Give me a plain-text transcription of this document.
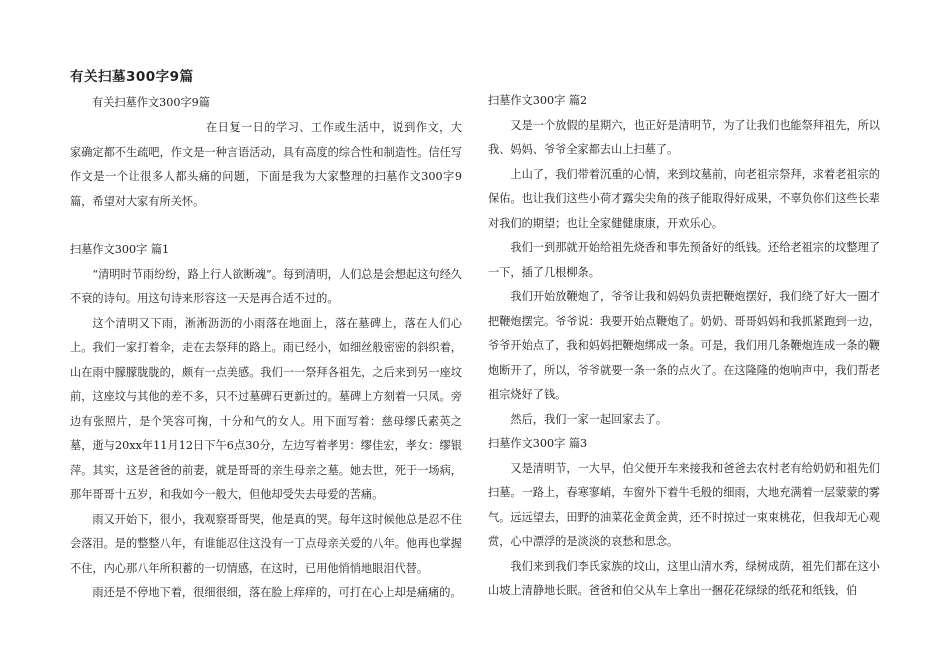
有关扫墓300字9篇

有关扫墓作文300字9篇

在日复一日的学习、工作或生活中，说到作文，大家确定都不生疏吧，作文是一种言语活动，具有高度的综合性和制造性。信任写作文是一个让很多人都头痛的问题，下面是我为大家整理的扫墓作文300字9篇，希望对大家有所关怀。

扫墓作文300字 篇1

“清明时节雨纷纷，路上行人欲断魂”。每到清明，人们总是会想起这句经久不衰的诗句。用这句诗来形容这一天是再合适不过的。

这个清明又下雨，淅淅沥沥的小雨落在地面上，落在墓碑上，落在人们心上。我们一家打着伞，走在去祭拜的路上。雨已经小，如细丝般密密的斜织着，山在雨中朦朦胧胧的，颇有一点美感。我们一一祭拜各祖先，之后来到另一座坟前，这座坟与其他的差不多，只不过墓碑石更新过的。墓碑上方刻着一只凤。旁边有张照片，是个笑容可掬，十分和气的女人。用下面写着：慈母缪氏素英之墓，逝与20xx年11月12日下午6点30分，左边写着孝男：缪佳宏，孝女：缪银萍。其实，这是爸爸的前妻，就是哥哥的亲生母亲之墓。她去世，死于一场病，那年哥哥十五岁，和我如今一般大，但他却受失去母爱的苦痛。

雨又开始下，很小，我观察哥哥哭，他是真的哭。每年这时候他总是忍不住会落泪。是的整整八年，有谁能忍住这没有一丁点母亲关爱的八年。他再也掌握不住，内心那八年所积蓄的一切情感，在这时，已用他悄悄地眼泪代替。

雨还是不停地下着，很细很细，落在脸上痒痒的，可打在心上却是痛痛的。

扫墓作文300字 篇2

又是一个放假的星期六，也正好是清明节，为了让我们也能祭拜祖先，所以我、妈妈、爷爷全家都去山上扫墓了。

上山了，我们带着沉重的心情，来到坟墓前，向老祖宗祭拜，求着老祖宗的保佑。也让我们这些小荷才露尖尖角的孩子能取得好成果，不辜负你们这些长辈对我们的期望；也让全家健健康康，开欢乐心。

我们一到那就开始给祖先烧香和事先预备好的纸钱。还给老祖宗的坟整理了一下，插了几根柳条。

我们开始放鞭炮了，爷爷让我和妈妈负责把鞭炮摆好，我们绕了好大一圈才把鞭炮摆完。爷爷说：我要开始点鞭炮了。奶奶、哥哥妈妈和我抓紧跑到一边，爷爷开始点了，我和妈妈把鞭炮绑成一条。可是，我们用几条鞭炮连成一条的鞭炮断开了，所以，爷爷就要一条一条的点火了。在这隆隆的炮响声中，我们帮老祖宗烧好了钱。

然后，我们一家一起回家去了。

扫墓作文300字 篇3

又是清明节，一大早，伯父便开车来接我和爸爸去农村老有给奶奶和祖先们扫墓。一路上，春寒寥峭，车窗外下着牛毛般的细雨，大地充满着一层蒙蒙的雾气。远远望去，田野的油菜花金黄金黄，还不时掠过一束束桃花，但我却无心观赏，心中漂浮的是淡淡的哀愁和思念。

我们来到我们李氏家族的坟山，这里山清水秀，绿树成荫，祖先们都在这小山坡上清静地长眠。爸爸和伯父从车上拿出一捆花花绿绿的纸花和纸钱，伯
